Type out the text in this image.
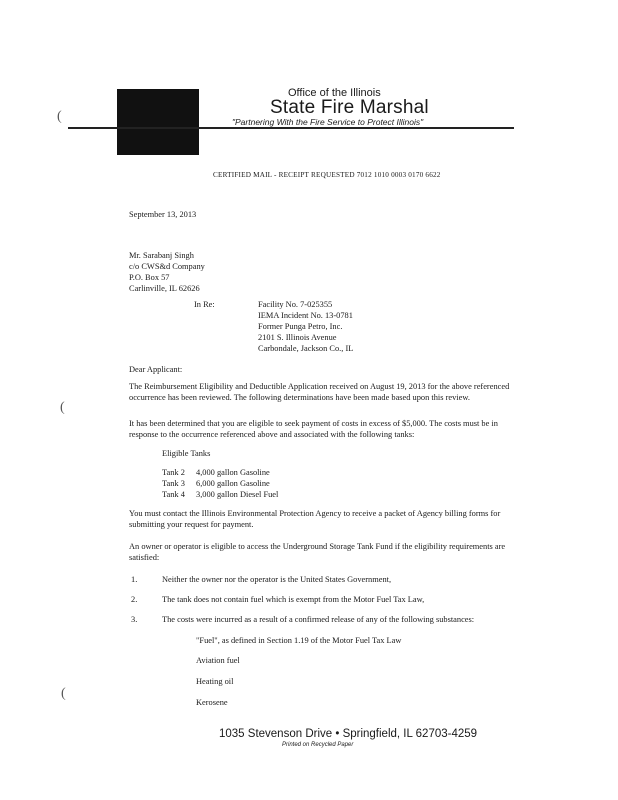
Office of the Illinois
State Fire Marshal
"Partnering With the Fire Service to Protect Illinois"
(
(
(
CERTIFIED MAIL - RECEIPT REQUESTED 7012 1010 0003 0170 6622
September 13, 2013
Mr. Sarabanj Singh
c/o CWS&d Company
P.O. Box 57
Carlinville, IL 62626
In Re:	Facility No. 7-025355
IEMA Incident No. 13-0781
Former Punga Petro, Inc.
2101 S. Illinois Avenue
Carbondale, Jackson Co., IL
Dear Applicant:
The Reimbursement Eligibility and Deductible Application received on August 19, 2013 for the above referenced
occurrence has been reviewed. The following determinations have been made based upon this review.
It has been determined that you are eligible to seek payment of costs in excess of $5,000. The costs must be in
response to the occurrence referenced above and associated with the following tanks:
Eligible Tanks
Tank 2 4,000 gallon Gasoline
Tank 3 6,000 gallon Gasoline
Tank 4 3,000 gallon Diesel Fuel
You must contact the Illinois Environmental Protection Agency to receive a packet of Agency billing forms for
submitting your request for payment.
An owner or operator is eligible to access the Underground Storage Tank Fund if the eligibility requirements are
satisfied:
1.	Neither the owner nor the operator is the United States Government,
2.	The tank does not contain fuel which is exempt from the Motor Fuel Tax Law,
3.	The costs were incurred as a result of a confirmed release of any of the following substances:
"Fuel", as defined in Section 1.19 of the Motor Fuel Tax Law
Aviation fuel
Heating oil
Kerosene
1035 Stevenson Drive • Springfield, IL 62703-4259
Printed on Recycled Paper
